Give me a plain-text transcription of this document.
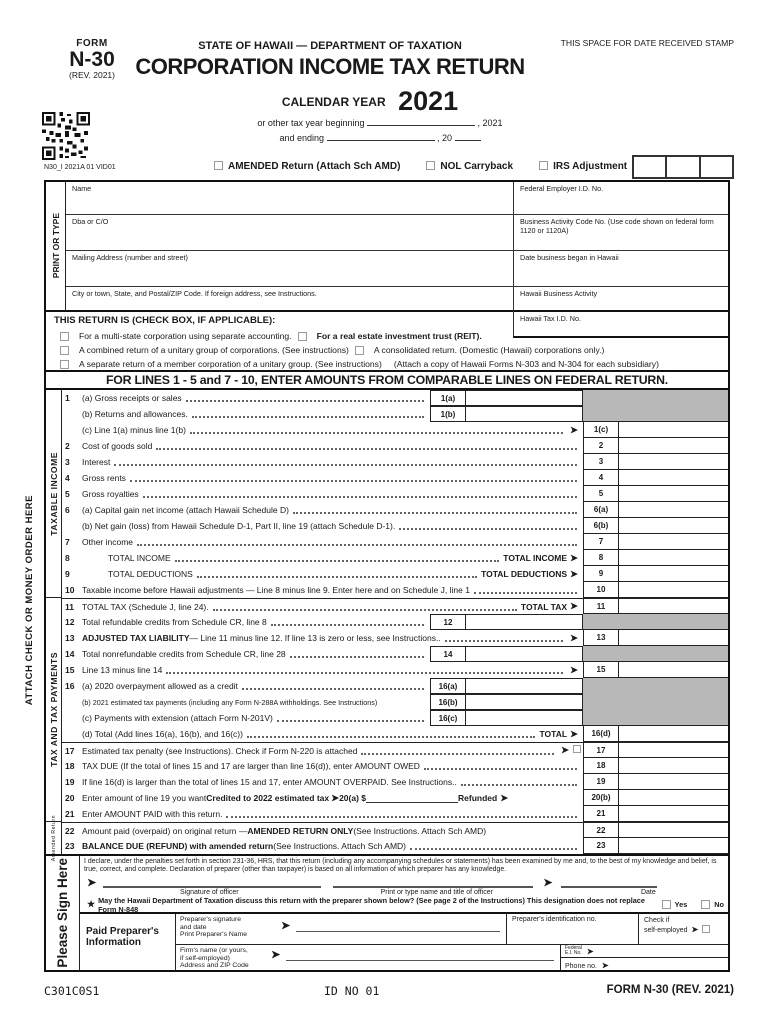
FORM
N-30
(REV. 2021)
STATE OF HAWAII — DEPARTMENT OF TAXATION
CORPORATION INCOME TAX RETURN
$^{CALENDAR YEAR}$ 2021
THIS SPACE FOR DATE RECEIVED STAMP
or other tax year beginning	, 2021
and ending	, 20
N30_I 2021A 01 VID01	AMENDED Return (Attach Sch AMD)	NOL Carryback	IRS Adjustment
PRINT OR TYPE
Name	Federal Employer I.D. No.
Dba or C/O	Business Activity Code No. (Use code shown on federal form 1120 or 1120A)
Mailing Address (number and street)	Date business began in Hawaii
City or town, State, and Postal/ZIP Code. If foreign address, see Instructions.	Hawaii Business Activity
THIS RETURN IS (CHECK BOX, IF APPLICABLE):
For a multi-state corporation using separate accounting.	For a real estate investment trust (REIT).
A combined return of a unitary group of corporations. (See instructions)	A consolidated return. (Domestic (Hawaii) corporations only.)
A separate return of a member corporation of a unitary group. (See instructions) (Attach a copy of Hawaii Forms N-303 and N-304 for each subsidiary)
Hawaii Tax I.D. No.
FOR LINES 1 - 5 and 7 - 10, ENTER AMOUNTS FROM COMPARABLE LINES ON FEDERAL RETURN.
TAXABLE INCOME
TAX AND TAX PAYMENTS
Amended Return
1	(a) Gross receipts or sales	1(a)
(b) Returns and allowances.	1(b)
(c) Line 1(a) minus line 1(b)	➤	1(c)
2	Cost of goods sold	2
3	Interest	3
4	Gross rents	4
5	Gross royalties	5
6	(a) Capital gain net income (attach Hawaii Schedule D)	6(a)
(b) Net gain (loss) from Hawaii Schedule D-1, Part II, line 19 (attach Schedule D-1).	6(b)
7	Other income	7
8	TOTAL INCOME	TOTAL INCOME ➤	8
9	TOTAL DEDUCTIONS	TOTAL DEDUCTIONS ➤	9
10 Taxable income before Hawaii adjustments — Line 8 minus line 9. Enter here and on Schedule J, line 1	10
11 TOTAL TAX (Schedule J, line 24).	TOTAL TAX ➤	11
12 Total refundable credits from Schedule CR, line 8	12
13 ADJUSTED TAX LIABILITY — Line 11 minus line 12. If line 13 is zero or less, see Instructions..	➤	13
14 Total nonrefundable credits from Schedule CR, line 28	14
15 Line 13 minus line 14	➤	15
16 (a) 2020 overpayment allowed as a credit	16(a)
(b) 2021 estimated tax payments (including any Form N-288A withholdings. See Instructions)	16(b)
(c) Payments with extension (attach Form N-201V)	16(c)
(d) Total (Add lines 16(a), 16(b), and 16(c))	TOTAL ➤	16(d)
17 Estimated tax penalty (see Instructions). Check if Form N-220 is attached	➤	17
18 TAX DUE (If the total of lines 15 and 17 are larger than line 16(d)), enter AMOUNT OWED	18
19 If line 16(d) is larger than the total of lines 15 and 17, enter AMOUNT OVERPAID. See Instructions..	19
20 Enter amount of line 19 you want Credited to 2022 estimated tax ➤ 20(a) $	Refunded ➤	20(b)
21 Enter AMOUNT PAID with this return.	21
22 Amount paid (overpaid) on original return — AMENDED RETURN ONLY (See Instructions. Attach Sch AMD)	22
23 BALANCE DUE (REFUND) with amended return (See Instructions. Attach Sch AMD)	23
Please Sign Here I declare, under the penalties set forth in section 231-36, HRS, that this return (including any accompanying schedules or statements) has been examined by me and, to the best of my knowledge and belief, is true, correct, and complete. Declaration of preparer (other than taxpayer) is based on all information of which preparer has any knowledge.
➤	➤
Signature of officer	Print or type name and title of officer	Date
★ May the Hawaii Department of Taxation discuss this return with the preparer shown below? (See page 2 of the Instructions) This designation does not replace Form N-848	Yes	No
Paid Preparer's Information
Preparer's signature
and date
Print Preparer's Name
➤
Preparer's identification no.	Check if
self-employed ➤
Firm's name (or yours,
if self-employed)
Address and ZIP Code
➤
Federal
E.I. No. ➤
Phone no. ➤
ATTACH CHECK OR MONEY ORDER HERE
C301C0S1	ID NO 01	FORM N-30 (REV. 2021)
